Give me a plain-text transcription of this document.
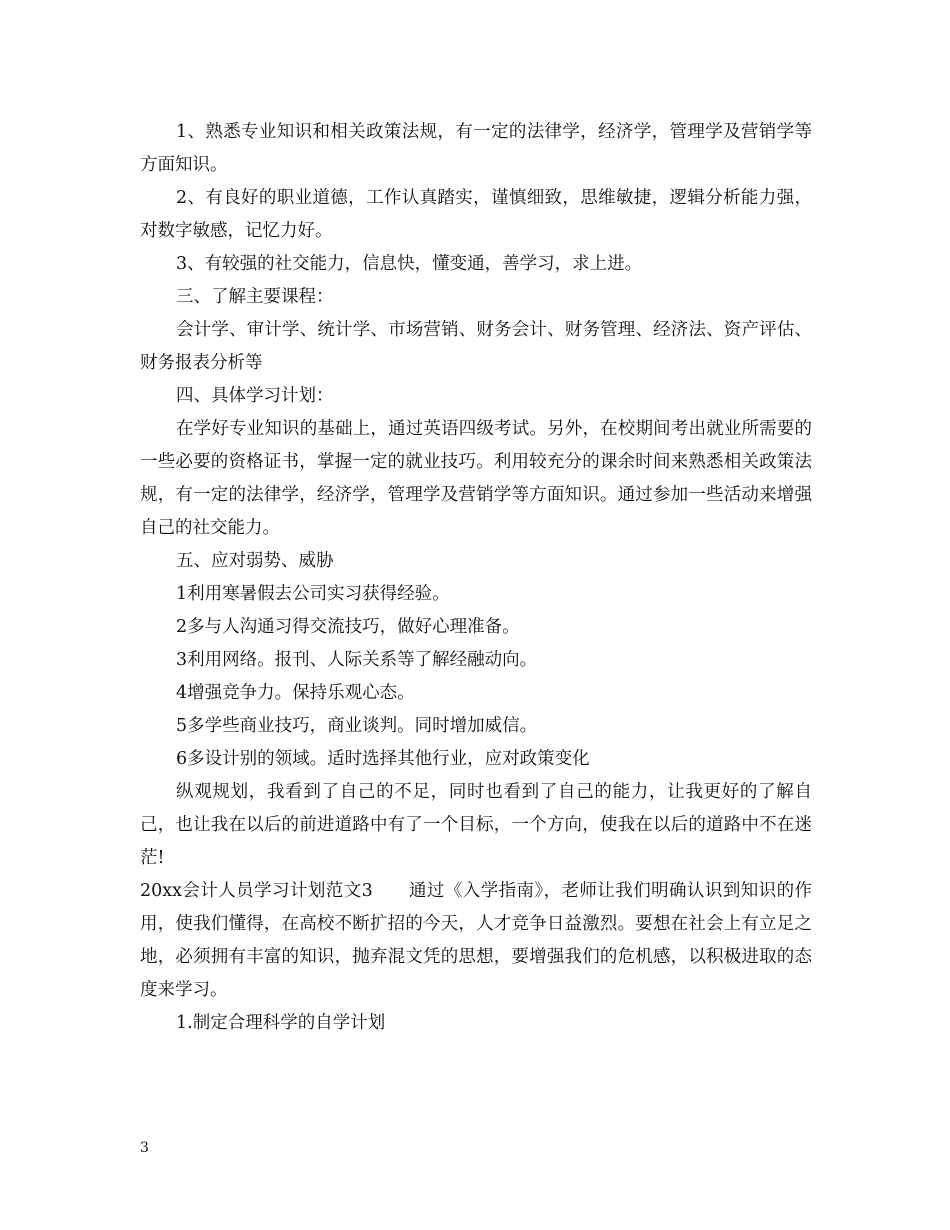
1、熟悉专业知识和相关政策法规，有一定的法律学，经济学，管理学及营销学等方面知识。

2、有良好的职业道德，工作认真踏实，谨慎细致，思维敏捷，逻辑分析能力强，对数字敏感，记忆力好。

3、有较强的社交能力，信息快，懂变通，善学习，求上进。

三、了解主要课程：

会计学、审计学、统计学、市场营销、财务会计、财务管理、经济法、资产评估、财务报表分析等

四、具体学习计划：

在学好专业知识的基础上，通过英语四级考试。另外，在校期间考出就业所需要的一些必要的资格证书，掌握一定的就业技巧。利用较充分的课余时间来熟悉相关政策法规，有一定的法律学，经济学，管理学及营销学等方面知识。通过参加一些活动来增强自己的社交能力。

五、应对弱势、威胁

1利用寒暑假去公司实习获得经验。

2多与人沟通习得交流技巧，做好心理准备。

3利用网络。报刊、人际关系等了解经融动向。

4增强竞争力。保持乐观心态。

5多学些商业技巧，商业谈判。同时增加威信。

6多设计别的领域。适时选择其他行业，应对政策变化

纵观规划，我看到了自己的不足，同时也看到了自己的能力，让我更好的了解自己，也让我在以后的前进道路中有了一个目标，一个方向，使我在以后的道路中不在迷茫!

20xx会计人员学习计划范文3　　通过《入学指南》，老师让我们明确认识到知识的作用，使我们懂得，在高校不断扩招的今天，人才竞争日益激烈。要想在社会上有立足之地，必须拥有丰富的知识，抛弃混文凭的思想，要增强我们的危机感，以积极进取的态度来学习。

1.制定合理科学的自学计划

3
